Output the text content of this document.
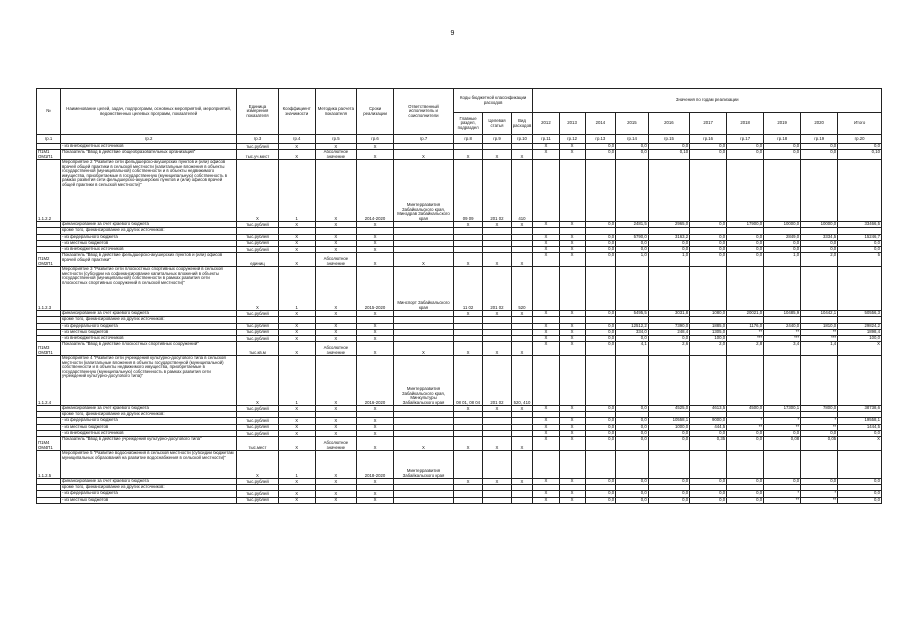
9
№	Наименование целей, задач, подпрограмм, основных мероприятий, мероприятий, ведомственных целевых программ, показателей	Единица измерения показателя	Коэффициент значимости	Методика расчета показателя	Сроки реализации	Ответственный исполнитель и соисполнители	Коды бюджетной классификации расходов			Значения по годам реализации									
							Главные раздел, подраздел	Целевая статья	Вид расходов	2012	2013	2014	2015	2016	2017	2018	2019	2020	Итого
гр.1	гр.2	гр.3	гр.4	гр.5	гр.6	гр.7	гр.8	гр.9	гр.10	гр.11	гр.12	гр.13	гр.14	гр.15	гр.16	гр.17	гр.18	гр.19	гр.20
	- из внебюджетных источников	тыс.рублей	X	X	X					X	X	0,0	0,0	0,0	0,0	0,0	0,0	0,0	0,0
П1М1 ОМ1П1	Показатель "Ввод в действие общеобразовательных организаций"	тыс.уч.мест	X	Абсолютное значение	X	X	X	X	X	X	X	0,0	0,0	0,10	0,0	0,0	0,0	0,0	0,10
1.1.2.2	Мероприятие 2 "Развитие сети фельдшерско-акушерских пунктов и (или) офисов врачей общей практики в сельской местности (капитальные вложения в объекты государственной (муниципальной) собственности и в объекты недвижимого имущества, приобретаемые в государственную (муниципальную) собственность в рамках развития сети фельдшерско-акушерских пунктов и (или) офисов врачей общей практики в сельской местности)"	X	1	X	2014-2020	Минтерразвития Забайкальского края, Минздрав Забайкальского края	09 09	201 02	410										
	финансирование за счет краевого бюджета	тыс.рублей	X	X	X		X	X	X	X	X	0,0	2481,5	2965,0	0,0	17900,0	10000,0	10000,0	33466,5
	кроме того, финансирование из других источников:																		
	- из федерального бюджета	тыс.рублей	X	X	X					X	X	0,0	5790,0	3163,2	0,0	0,0	2849,0	3334,5	15246,7
	- из местных бюджетов	тыс.рублей	X	X	X					X	X	0,0	0,0	0,0	0,0	0,0	0,0	0,0	0,0
	- из внебюджетных источников	тыс.рублей	X	X	X					X	X	0,0	0,0	0,0	0,0	0,0	0,0	0,0	0,0
П1М2 ОМ2П1	Показатель "Ввод в действие фельдшерско-акушерских пунктов и (или) офисов врачей общей практики"	единиц	X	Абсолютное значение	X	X	X	X	X	X	X	0,0	1,0	1,0	0,0	0,0	1,0	2,0	5
1.1.2.3	Мероприятие 3 "Развитие сети плоскостных спортивных сооружений в сельской местности (субсидии на софинансирование капитальных вложений в объекты государственной (муниципальной) собственности в рамках развития сети плоскостных спортивных сооружений в сельской местности)"	X	1	X	2015-2020	Минспорт Забайкальского края	11 02	201 02	520										
	финансирование за счет краевого бюджета	тыс.рублей	X	X	X		X	X	X	X	X	0,0	5495,5	3031,8	1080,0	20021,0	10485,9	10442,1	50556,3
	кроме того, финансирование из других источников:																		
	- из федерального бюджета	тыс.рублей	X	X	X					X	X	0,0	12512,2	7390,0	1885,0	1176,0	2440,0	1810,0	29824,2
	- из местных бюджетов	тыс.рублей	X	X	X					X	X	0,0	334,0	248,4	1305,0	**	**	**	1898,4
	- из внебюджетных источников	тыс.рублей	X	X	X					X	X	0,0	0,0	0,0	100,0	***	***	***	100,0
П1М3 ОМ3П1	Показатель "Ввод в действие плоскостных спортивных сооружений"	тыс.кв.м	X	Абсолютное значение	X	X	X	X	X	X	X	0,0	4,1	2,6	2,0	2,8	3,4	1,4	X
1.1.2.4	Мероприятие 4 "Развитие сети учреждений культурно-досугового типа в сельской местности (капитальные вложения в объекты государственной (муниципальной) собственности и в объекты недвижимого имущества, приобретаемые в государственную (муниципальную) собственность в рамках развития сети учреждений культурно-досугового типа)"	X	1	X	2016-2020	Минтерразвития Забайкальского края, Минкультуры Забайкальского края	08 01, 08 04	201 02	520, 410										
	финансирование за счет краевого бюджета	тыс.рублей	X	X	X		X	X	X	X	X	0,0	0,0	4525,0	4613,5	4500,0	17300,1	7800,0	38738,6
	кроме того, финансирование из других источников:																		
	- из федерального бюджета	тыс.рублей	X	X	X					X	X	0,0	0,0	10558,1	9000,0	*	*	*	19558,1
	- из местных бюджетов	тыс.рублей	X	X	X					X	X	0,0	0,0	1000,0	444,5	**	**	**	1444,5
	- из внебюджетных источников	тыс.рублей	X	X	X					X	X	0,0	0,0	0,0	0,0	0,0	0,0	0,0	0,0
П1М4 ОМ4П1	Показатель "Ввод в действие учреждений культурно-досугового типа"	тыс.мест	X	Абсолютное значение	X	X	X	X	X	X	X	0,0	0,0	0,0	0,35	0,0	0,08	0,05	X
1.1.2.5	Мероприятие 5 "Развитие водоснабжения в сельской местности (субсидии бюджетам муниципальных образований на развитие водоснабжения в сельской местности)"	X	1	X	2018-2020	Минтерразвития Забайкальского края													
	финансирование за счет краевого бюджета	тыс.рублей	X	X	X		X	X	X	X	X	0,0	0,0	0,0	0,0	0,0	0,0	0,0	0,0
	кроме того, финансирование из других источников:																		
	- из федерального бюджета	тыс.рублей	X	X	X					X	X	0,0	0,0	0,0	0,0	0,0	*	*	0,0
	- из местных бюджетов	тыс.рублей	X	X	X					X	X	0,0	0,0	0,0	0,0	0,0	**	**	0,0
